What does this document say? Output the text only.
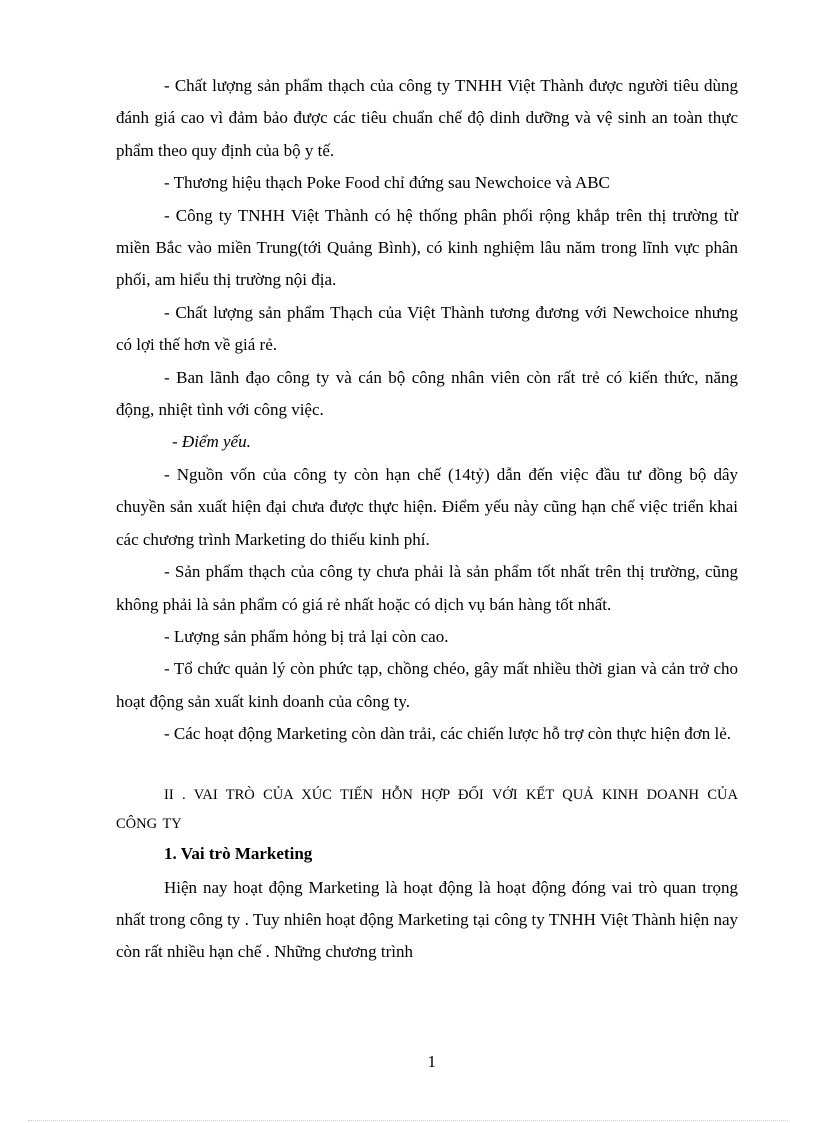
- Chất lượng sản phẩm thạch của công ty TNHH Việt Thành được người tiêu dùng đánh giá cao vì đảm bảo được các tiêu chuẩn chế độ dinh dưỡng và vệ sinh an toàn thực phẩm theo quy định của bộ y tế.

- Thương hiệu thạch Poke Food chỉ đứng sau Newchoice và ABC

- Công ty TNHH Việt Thành có hệ thống phân phối rộng khắp trên thị trường từ miền Bắc vào miền Trung(tới Quảng Bình), có kinh nghiệm lâu năm trong lĩnh vực phân phối, am hiểu thị trường nội địa.

- Chất lượng sản phẩm Thạch của Việt Thành tương đương với Newchoice nhưng có lợi thế hơn về giá rẻ.

- Ban lãnh đạo công ty và cán bộ công nhân viên còn rất trẻ có kiến thức, năng động, nhiệt tình với công việc.

- Điểm yếu.

- Nguồn vốn của công ty còn hạn chế (14tỷ) dẫn đến việc đầu tư đồng bộ dây chuyền sản xuất hiện đại chưa được thực hiện. Điểm yếu này cũng hạn chế việc triển khai các chương trình Marketing do thiếu kinh phí.

- Sản phẩm thạch của công ty chưa phải là sản phẩm tốt nhất trên thị trường, cũng không phải là sản phẩm có giá rẻ nhất hoặc có dịch vụ bán hàng tốt nhất.

- Lượng sản phẩm hỏng bị trả lại còn cao.

- Tổ chức quản lý còn phức tạp, chồng chéo, gây mất nhiều thời gian và cản trở cho hoạt động sản xuất kinh doanh của công ty.

- Các hoạt động Marketing còn dàn trải, các chiến lược hỗ trợ còn thực hiện đơn lẻ.

II . VAI TRÒ CỦA XÚC TIẾN HỖN HỢP ĐỐI VỚI KẾT QUẢ KINH DOANH CỦA CÔNG TY

1. Vai trò Marketing

Hiện nay hoạt động Marketing là hoạt động là hoạt động đóng vai trò quan trọng nhất trong công ty . Tuy nhiên hoạt động Marketing tại công ty TNHH Việt Thành hiện nay còn rất nhiều hạn chế . Những chương trình

1
